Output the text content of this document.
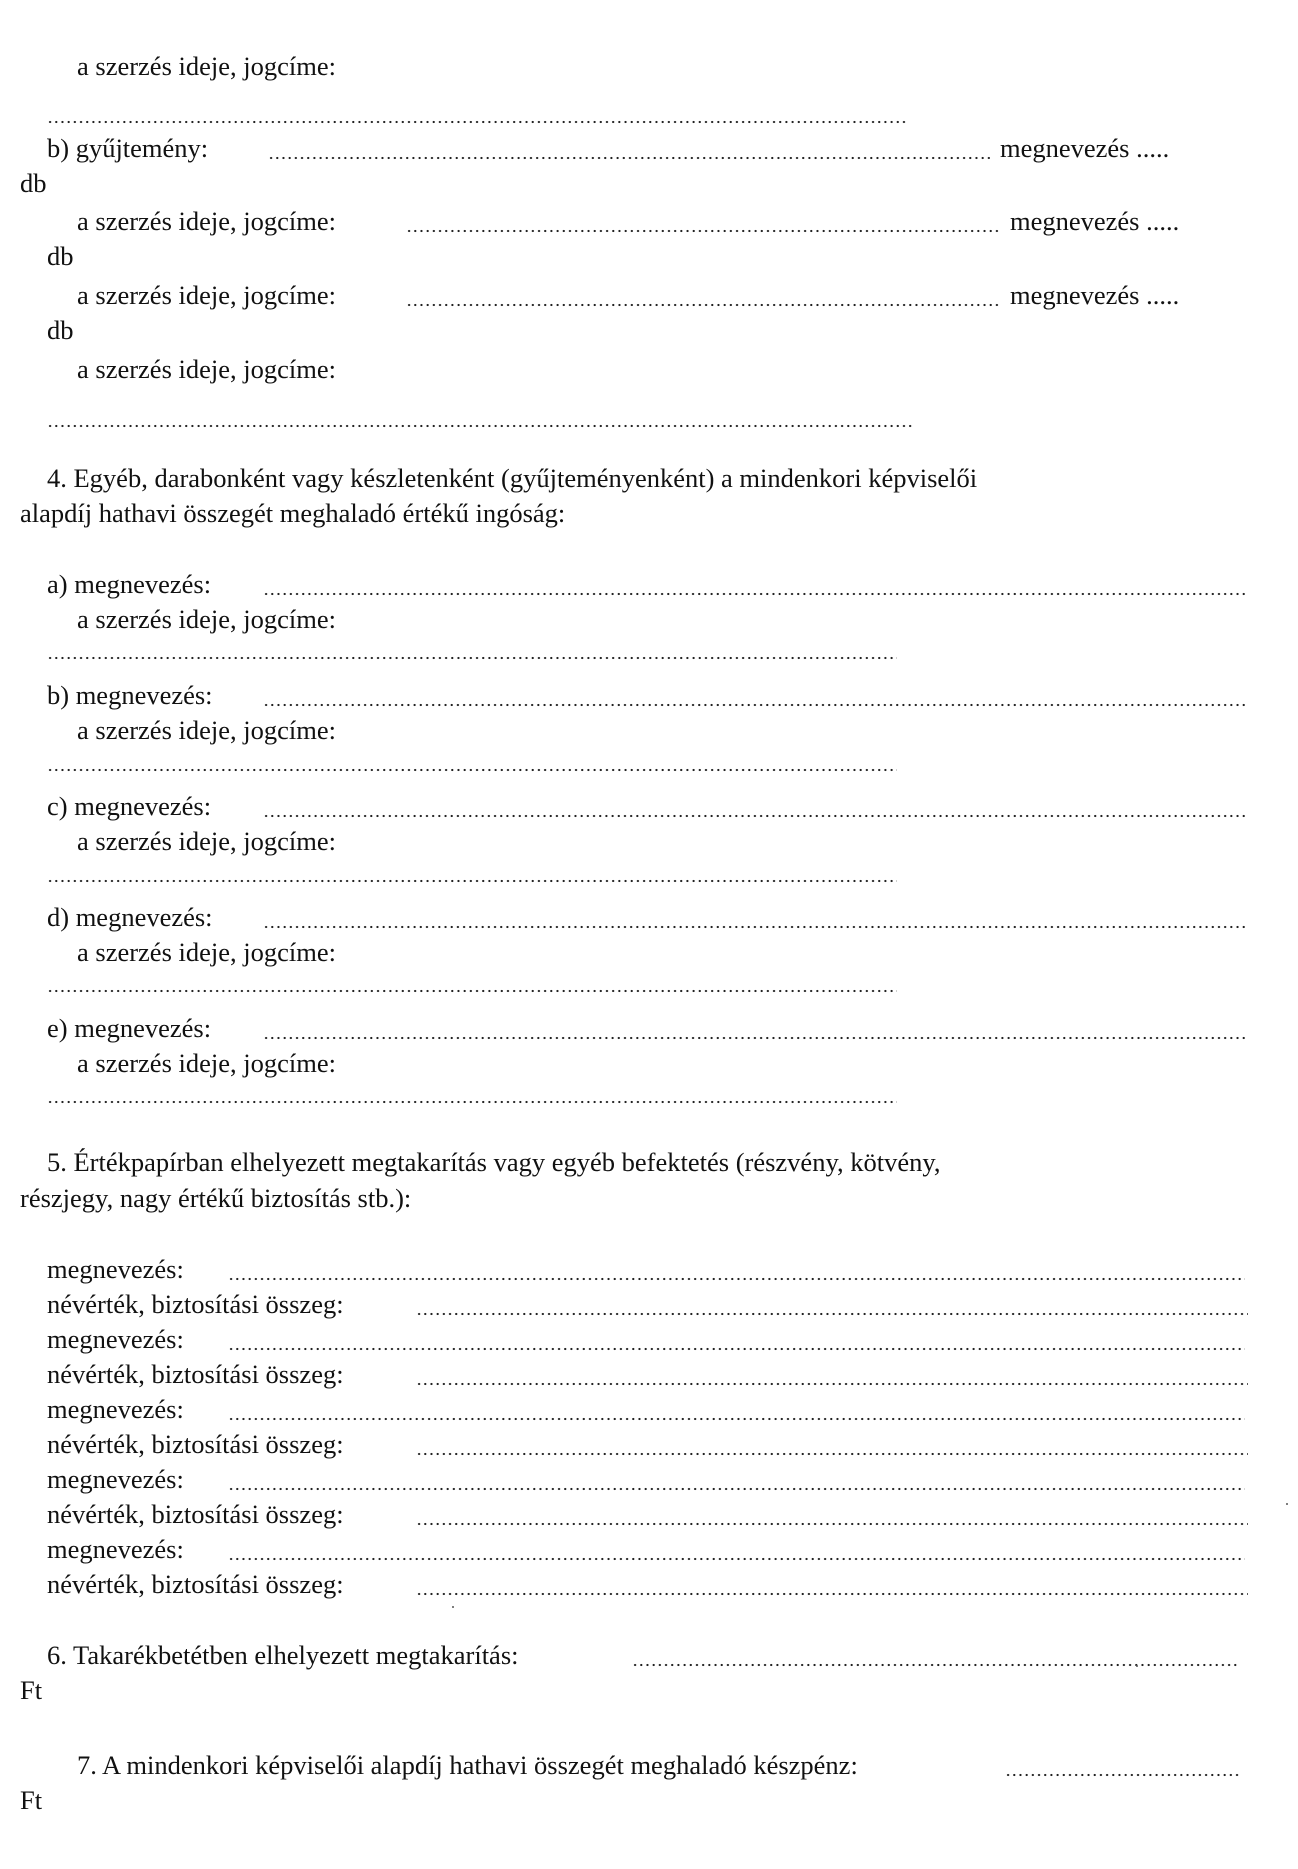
a szerzés ideje, jogcíme:
b) gyűjtemény:	megnevezés .....
db
a szerzés ideje, jogcíme:	megnevezés .....
db
a szerzés ideje, jogcíme:	megnevezés .....
db
a szerzés ideje, jogcíme:
4. Egyéb, darabonként vagy készletenként (gyűjteményenként) a mindenkori képviselői
alapdíj hathavi összegét meghaladó értékű ingóság:
a) megnevezés:
a szerzés ideje, jogcíme:
b) megnevezés:
a szerzés ideje, jogcíme:
c) megnevezés:
a szerzés ideje, jogcíme:
d) megnevezés:
a szerzés ideje, jogcíme:
e) megnevezés:
a szerzés ideje, jogcíme:
5. Értékpapírban elhelyezett megtakarítás vagy egyéb befektetés (részvény, kötvény,
részjegy, nagy értékű biztosítás stb.):
megnevezés:
névérték, biztosítási összeg:
megnevezés:
névérték, biztosítási összeg:
megnevezés:
névérték, biztosítási összeg:
megnevezés:
névérték, biztosítási összeg:
megnevezés:
névérték, biztosítási összeg:
6. Takarékbetétben elhelyezett megtakarítás:
Ft
7. A mindenkori képviselői alapdíj hathavi összegét meghaladó készpénz:
Ft
